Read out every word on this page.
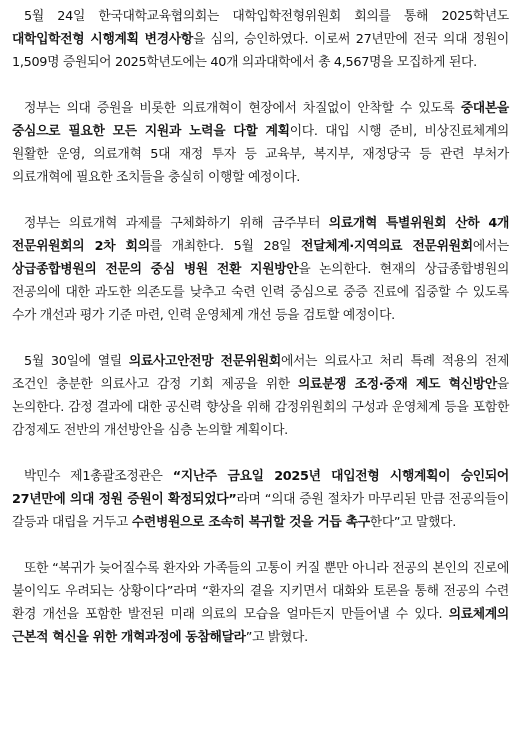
5월 24일 한국대학교육협의회는 대학입학전형위원회 회의를 통해 2025학년도 대학입학전형 시행계획 변경사항을 심의, 승인하였다. 이로써 27년만에 전국 의대 정원이 1,509명 증원되어 2025학년도에는 40개 의과대학에서 총 4,567명을 모집하게 된다.

정부는 의대 증원을 비롯한 의료개혁이 현장에서 차질없이 안착할 수 있도록 중대본을 중심으로 필요한 모든 지원과 노력을 다할 계획이다. 대입 시행 준비, 비상진료체계의 원활한 운영, 의료개혁 5대 재정 투자 등 교육부, 복지부, 재정당국 등 관련 부처가 의료개혁에 필요한 조치들을 충실히 이행할 예정이다.

정부는 의료개혁 과제를 구체화하기 위해 금주부터 의료개혁 특별위원회 산하 4개 전문위원회의 2차 회의를 개최한다. 5월 28일 전달체계·지역의료 전문위원회에서는 상급종합병원의 전문의 중심 병원 전환 지원방안을 논의한다. 현재의 상급종합병원의 전공의에 대한 과도한 의존도를 낮추고 숙련 인력 중심으로 중증 진료에 집중할 수 있도록 수가 개선과 평가 기준 마련, 인력 운영체계 개선 등을 검토할 예정이다.

5월 30일에 열릴 의료사고안전망 전문위원회에서는 의료사고 처리 특례 적용의 전제 조건인 충분한 의료사고 감정 기회 제공을 위한 의료분쟁 조정·중재 제도 혁신방안을 논의한다. 감정 결과에 대한 공신력 향상을 위해 감정위원회의 구성과 운영체계 등을 포함한 감정제도 전반의 개선방안을 심층 논의할 계획이다.

박민수 제1총괄조정관은 “지난주 금요일 2025년 대입전형 시행계획이 승인되어 27년만에 의대 정원 증원이 확정되었다”라며 “의대 증원 절차가 마무리된 만큼 전공의들이 갈등과 대립을 거두고 수련병원으로 조속히 복귀할 것을 거듭 촉구한다”고 말했다.

또한 “복귀가 늦어질수록 환자와 가족들의 고통이 커질 뿐만 아니라 전공의 본인의 진로에 불이익도 우려되는 상황이다”라며 “환자의 곁을 지키면서 대화와 토론을 통해 전공의 수련 환경 개선을 포함한 발전된 미래 의료의 모습을 얼마든지 만들어낼 수 있다. 의료체계의 근본적 혁신을 위한 개혁과정에 동참해달라”고 밝혔다.
